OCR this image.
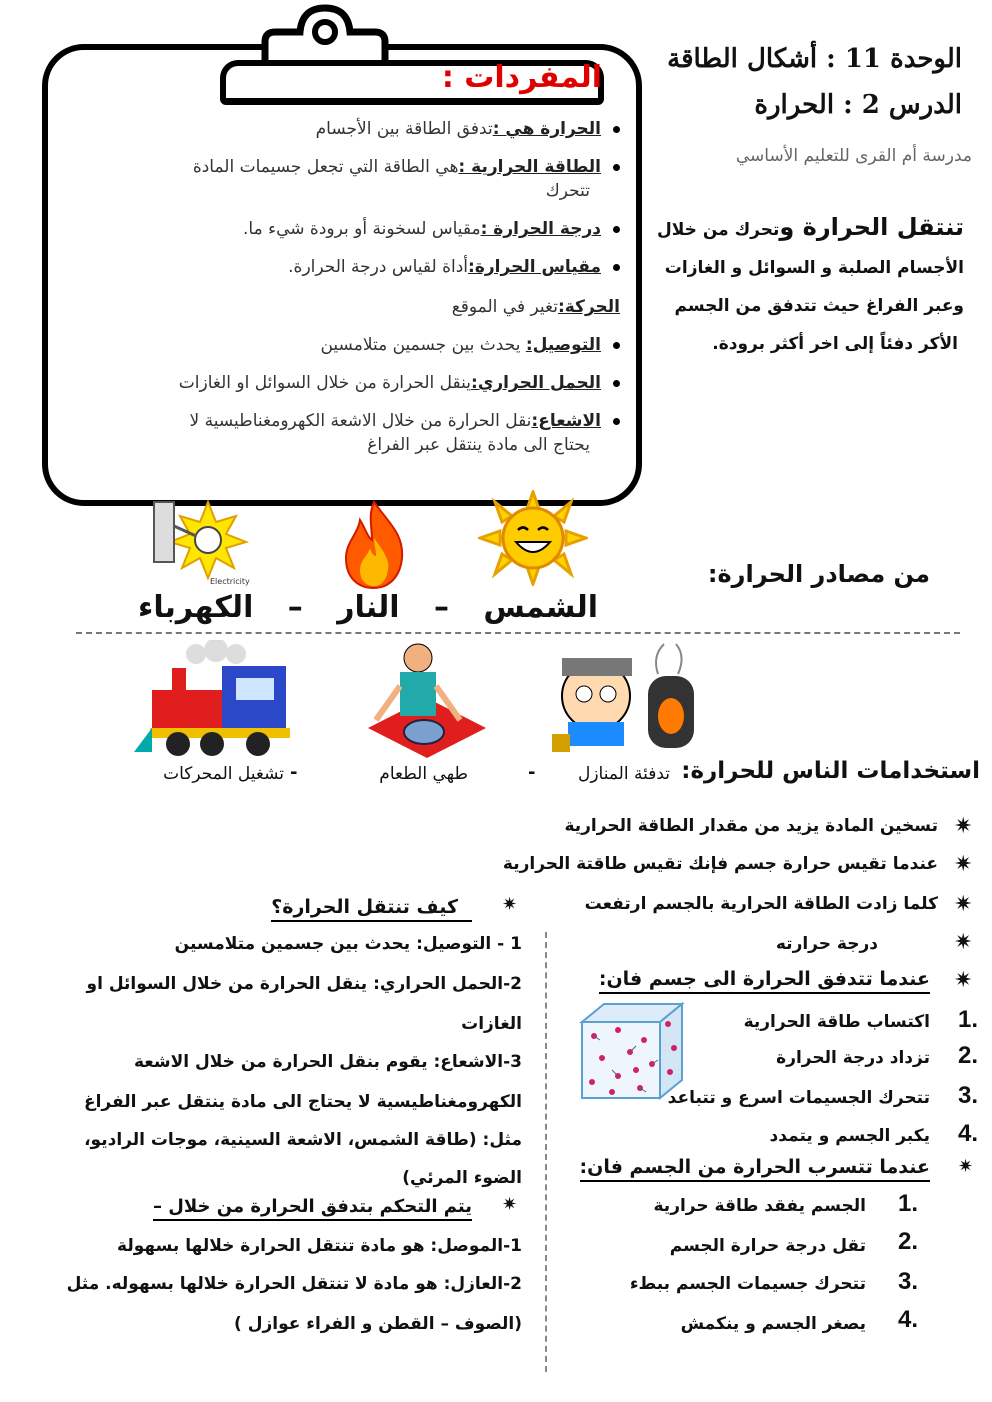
الوحدة 11 : أشكال الطاقة
الدرس 2 : الحرارة
مدرسة أم القرى للتعليم الأساسي
تنتقل الحرارة وتحرك من خلال
الأجسام الصلبة و السوائل و الغازات
وعبر الفراغ حيث تتدفق من الجسم
الأكر دفئاً إلى اخر أكثر برودة.
المفردات :
الحرارة هي :تدفق الطاقة بين الأجسام
الطاقة الحرارية :هي الطاقة التي تجعل جسيمات المادة
تتحرك
درجة الحرارة :مقياس لسخونة أو برودة شيء ما.
مقياس الحرارة:أداة لقياس درجة الحرارة.
الحركة:تغير في الموقع
التوصيل: يحدث بين جسمين متلامسين
الحمل الحراري:ينقل الحرارة من خلال السوائل او الغازات
الاشعاع:نقل الحرارة من خلال الاشعة الكهرومغناطيسية لا
يحتاج الى مادة ينتقل عبر الفراغ
Electricity	من مصادر الحرارة:
الشمس
–
النار
–
الكهرباء
استخدامات الناس للحرارة:
تدفئة المنازل
-
طهي الطعام
-
تشغيل المحركات
✷
تسخين المادة يزيد من مقدار الطاقة الحرارية
✷
عندما تقيس حرارة جسم فإنك تقيس طاقتة الحرارية
✷
كلما زادت الطاقة الحرارية بالجسم ارتفعت
✷
درجة حرارته
✷
عندما تتدفق الحرارة الى جسم فان:
1.
اكتساب طاقة الحرارية
2.
تزداد درجة الحرارة
3.
تتحرك الجسيمات اسرع و تتباعد
4.
يكبر الجسم و يتمدد
✷
عندما تتسرب الحرارة من الجسم فان:
1.
الجسم يفقد طاقة حرارية
2.
تقل درجة حرارة الجسم
3.
تتحرك جسيمات الجسم ببطء
4.
يصغر الجسم و ينكمش
✷
كيف تنتقل الحرارة؟
1 - التوصيل: يحدث بين جسمين متلامسين
2-الحمل الحراري: ينقل الحرارة من خلال السوائل او
الغازات
3-الاشعاع: يقوم بنقل الحرارة من خلال الاشعة
الكهرومغناطيسية لا يحتاج الى مادة ينتقل عبر الفراغ
مثل: (طاقة الشمس، الاشعة السينية، موجات الراديو،
الضوء المرئي)
✷
يتم التحكم بتدفق الحرارة من خلال –
1-الموصل: هو مادة تنتقل الحرارة خلالها بسهولة
2-العازل: هو مادة لا تنتقل الحرارة خلالها بسهوله. مثل
(الصوف – القطن و الفراء عوازل )
